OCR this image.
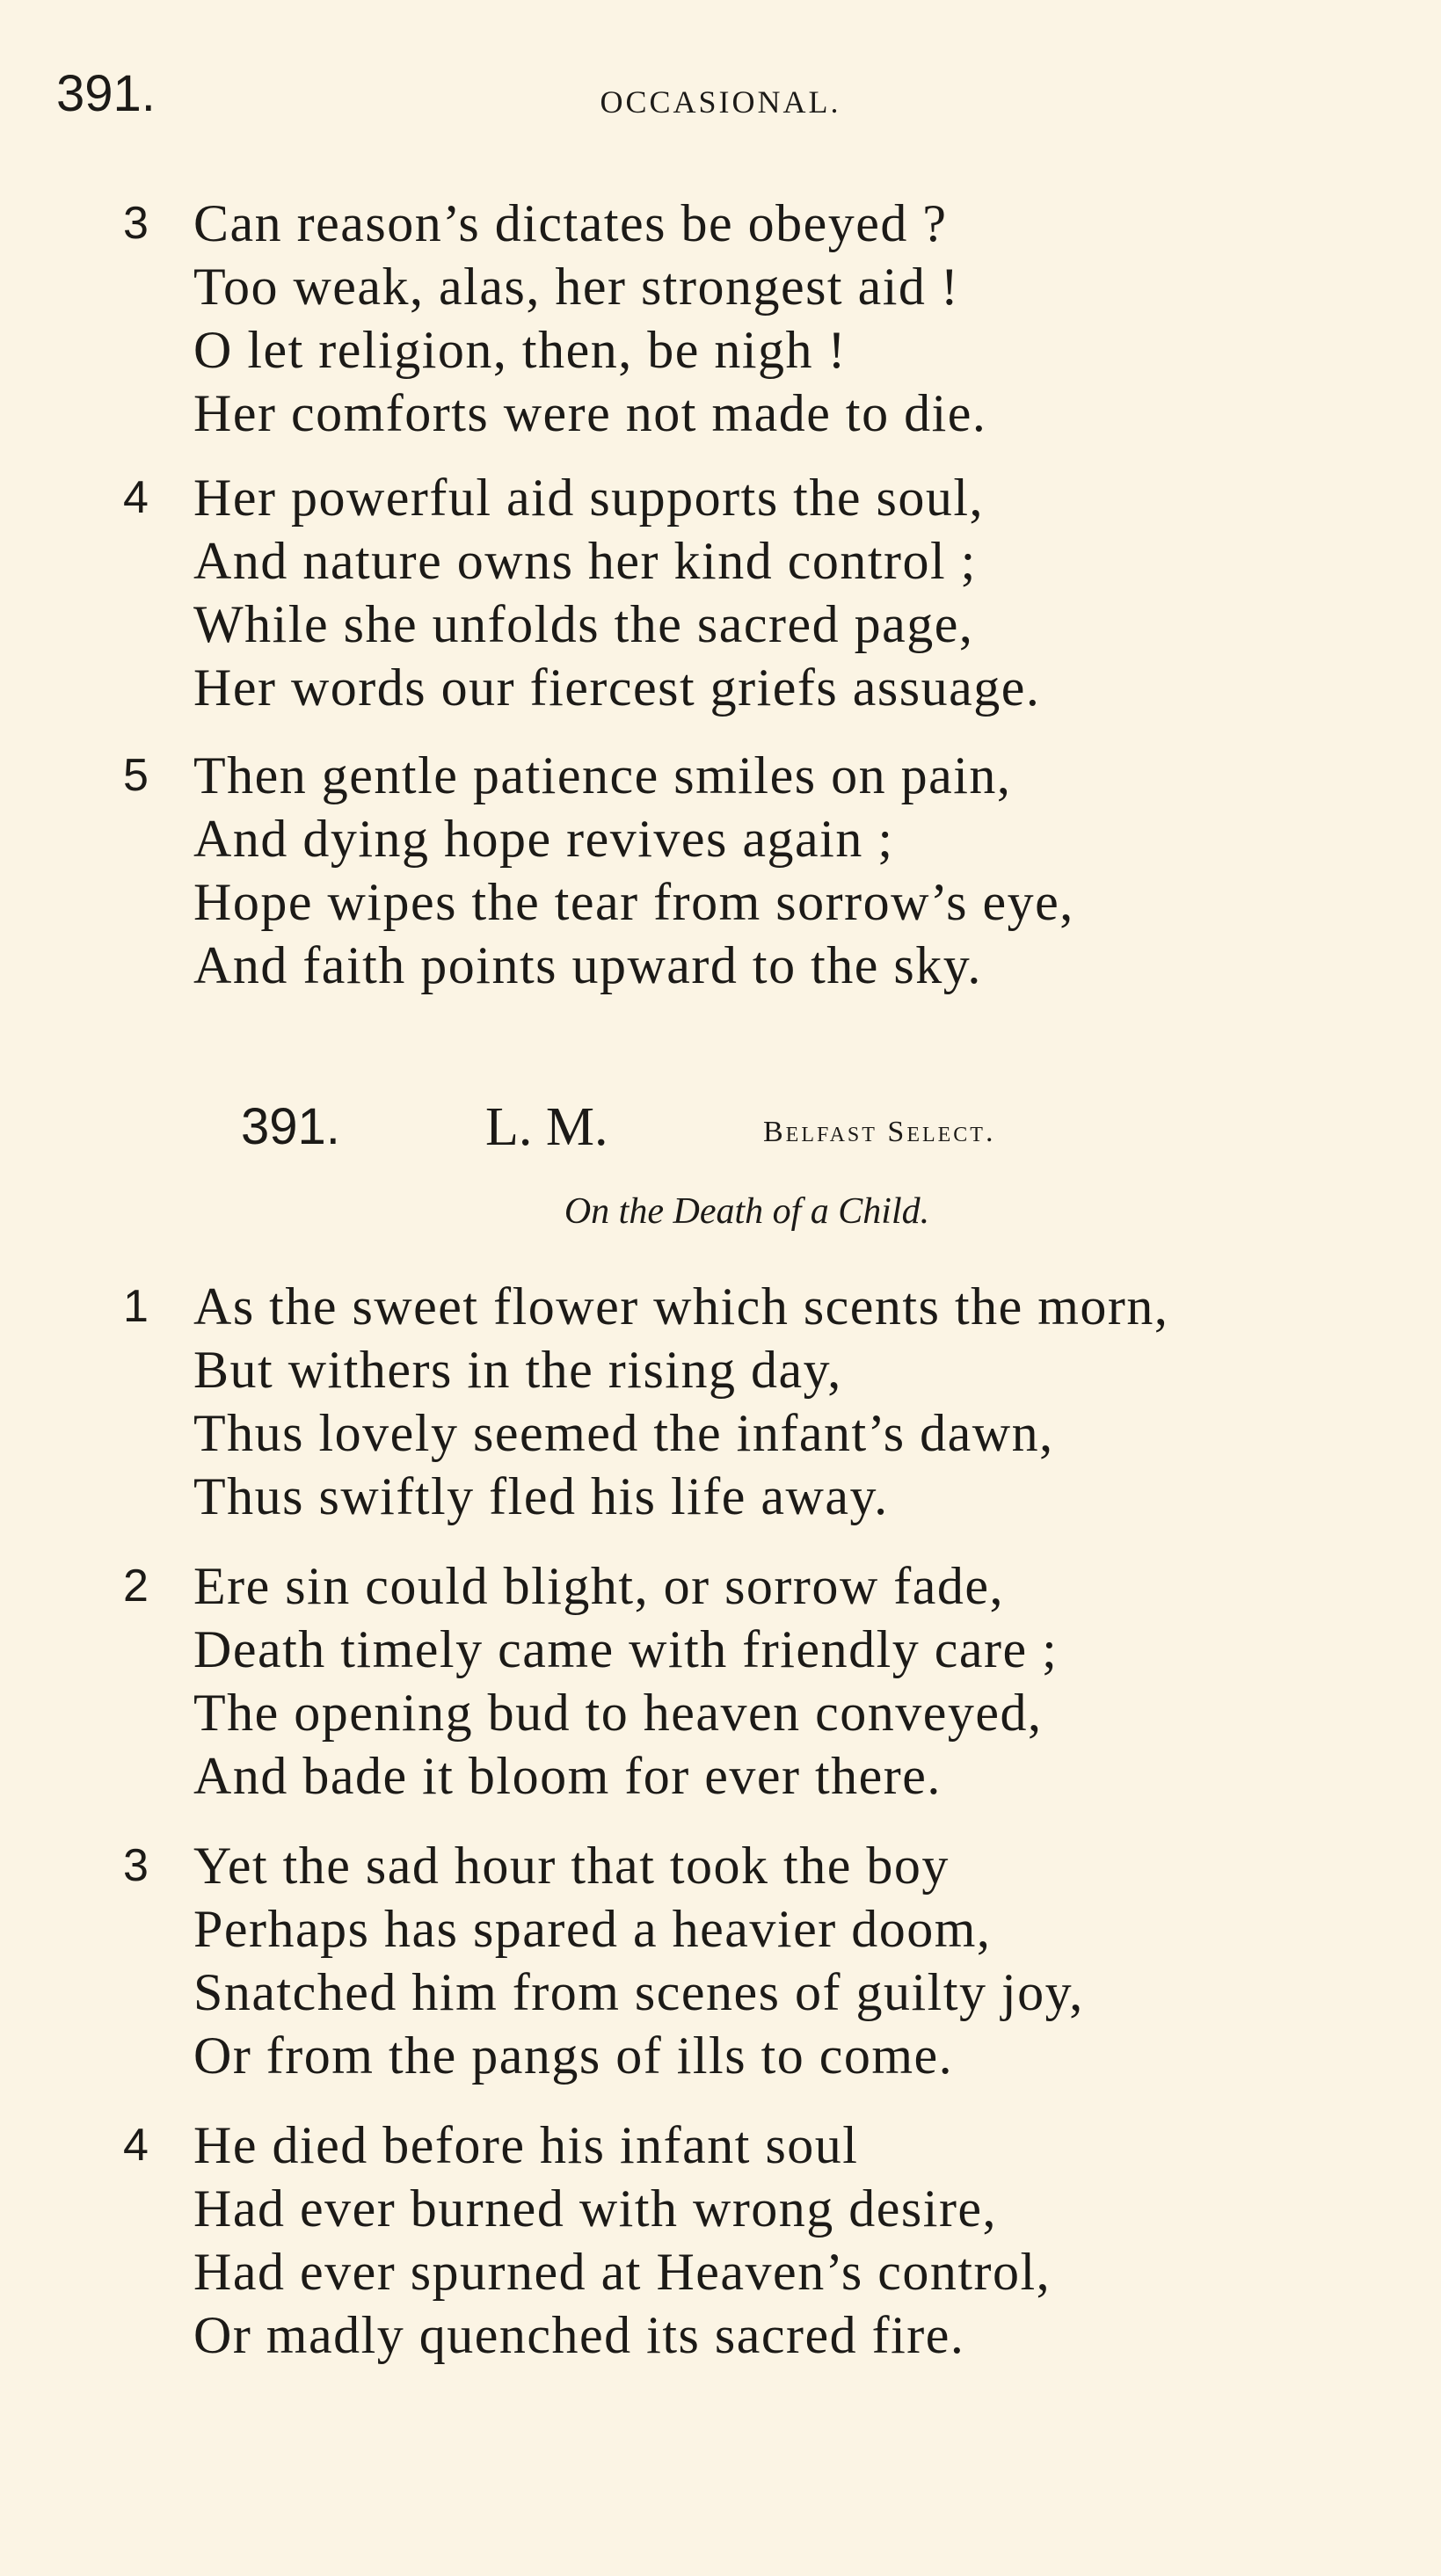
391.	OCCASIONAL.
3 Can reason’s dictates be obeyed ?
Too weak, alas, her strongest aid !
O let religion, then, be nigh !
Her comforts were not made to die.
4 Her powerful aid supports the soul,
And nature owns her kind control ;
While she unfolds the sacred page,
Her words our fiercest griefs assuage.
5 Then gentle patience smiles on pain,
And dying hope revives again ;
Hope wipes the tear from sorrow’s eye,
And faith points upward to the sky.
391.	L. M.	Belfast Select.
On the Death of a Child.
1 As the sweet flower which scents the morn,
But withers in the rising day,
Thus lovely seemed the infant’s dawn,
Thus swiftly fled his life away.
2 Ere sin could blight, or sorrow fade,
Death timely came with friendly care ;
The opening bud to heaven conveyed,
And bade it bloom for ever there.
3 Yet the sad hour that took the boy
Perhaps has spared a heavier doom,
Snatched him from scenes of guilty joy,
Or from the pangs of ills to come.
4 He died before his infant soul
Had ever burned with wrong desire,
Had ever spurned at Heaven’s control,
Or madly quenched its sacred fire.
